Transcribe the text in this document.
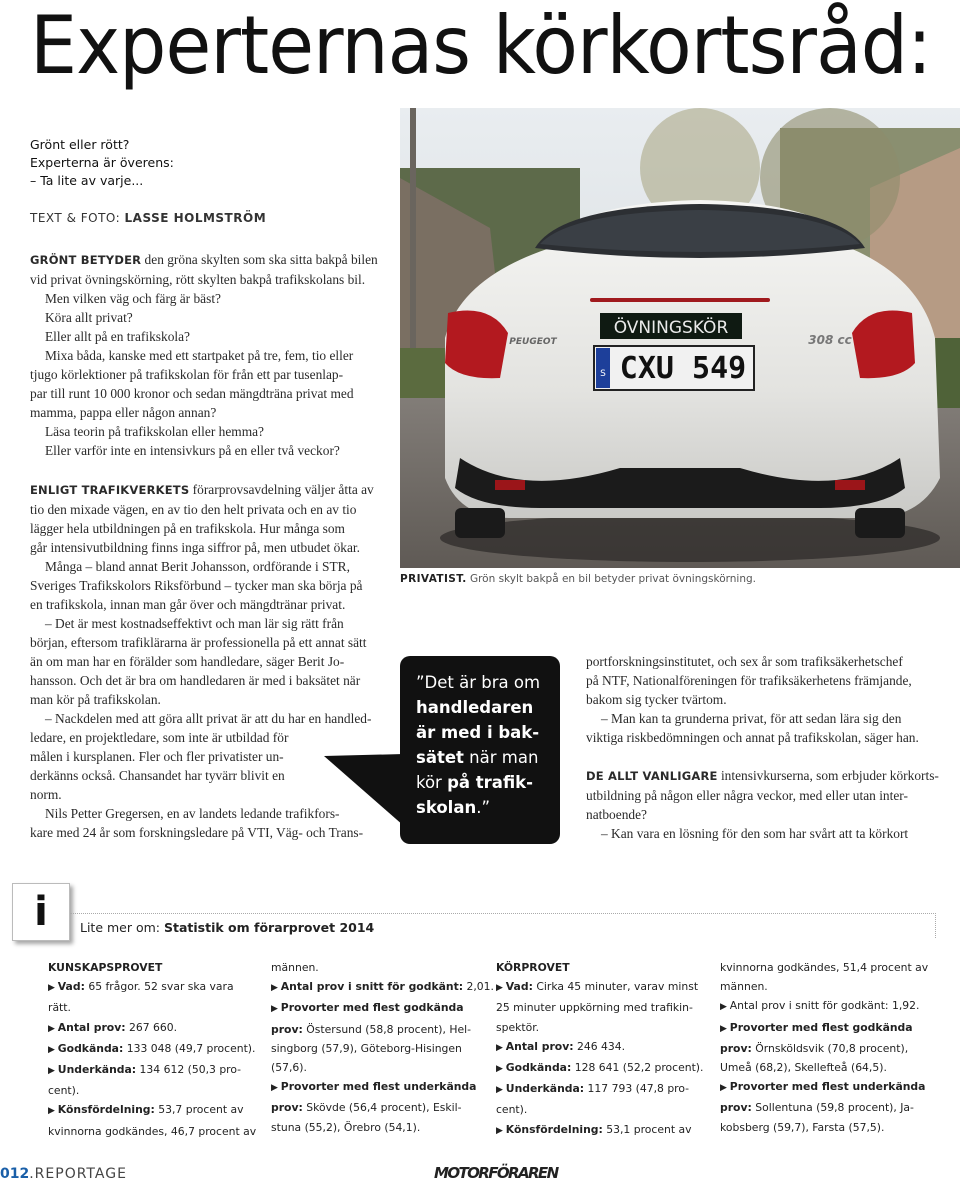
Experternas körkortsråd:
Grönt eller rött?
Experterna är överens:
– Ta lite av varje...
TEXT & FOTO: LASSE HOLMSTRÖM

GRÖNT BETYDER den gröna skylten som ska sitta bakpå bilen

vid privat övningskörning, rött skylten bakpå trafikskolans bil.

Men vilken väg och färg är bäst?

Köra allt privat?

Eller allt på en trafikskola?

Mixa båda, kanske med ett startpaket på tre, fem, tio eller

tjugo körlektioner på trafikskolan för från ett par tusenlap-

par till runt 10 000 kronor och sedan mängdträna privat med

mamma, pappa eller någon annan?

Läsa teorin på trafikskolan eller hemma?

Eller varför inte en intensivkurs på en eller två veckor?

ENLIGT TRAFIKVERKETS förarprovsavdelning väljer åtta av

tio den mixade vägen, en av tio den helt privata och en av tio

lägger hela utbildningen på en trafikskola. Hur många som

går intensivutbildning finns inga siffror på, men utbudet ökar.

Många – bland annat Berit Johansson, ordförande i STR,

Sveriges Trafikskolors Riksförbund – tycker man ska börja på

en trafikskola, innan man går över och mängdtränar privat.

– Det är mest kostnadseffektivt och man lär sig rätt från

början, eftersom trafiklärarna är professionella på ett annat sätt

än om man har en förälder som handledare, säger Berit Jo-

hansson. Och det är bra om handledaren är med i baksätet när

man kör på trafikskolan.

– Nackdelen med att göra allt privat är att du har en handled-

ledare, en projektledare, som inte är utbildad för

målen i kursplanen. Fler och fler privatister un-

derkänns också. Chansandet har tyvärr blivit en

norm.

Nils Petter Gregersen, en av landets ledande trafikfors-

kare med 24 år som forskningsledare på VTI, Väg- och Trans-

ÖVNINGSKÖR
S CXU 549
PEUGEOT	308 cc
PRIVATIST. Grön skylt bakpå en bil betyder privat övningskörning.
”Det är bra om
handledaren
är med i bak-
sätet när man
kör på trafik-
skolan.”

portforskningsinstitutet, och sex år som trafiksäkerhetschef

på NTF, Nationalföreningen för trafiksäkerhetens främjande,

bakom sig tycker tvärtom.

– Man kan ta grunderna privat, för att sedan lära sig den

viktiga riskbedömningen och annat på trafikskolan, säger han.

DE ALLT VANLIGARE intensivkurserna, som erbjuder körkorts-

utbildning på någon eller några veckor, med eller utan inter-

natboende?

– Kan vara en lösning för den som har svårt att ta körkort

i	Lite mer om: Statistik om förarprovet 2014

KUNSKAPSPROVET

▶ Vad: 65 frågor. 52 svar ska vara

rätt.

▶ Antal prov: 267 660.

▶ Godkända: 133 048 (49,7 procent).

▶ Underkända: 134 612 (50,3 pro-

cent).

▶ Könsfördelning: 53,7 procent av

kvinnorna godkändes, 46,7 procent av

männen.

▶ Antal prov i snitt för godkänt: 2,01.

▶ Provorter med flest godkända

prov: Östersund (58,8 procent), Hel-

singborg (57,9), Göteborg-Hisingen

(57,6).

▶ Provorter med flest underkända

prov: Skövde (56,4 procent), Eskil-

stuna (55,2), Örebro (54,1).

KÖRPROVET

▶ Vad: Cirka 45 minuter, varav minst

25 minuter uppkörning med trafikin-

spektör.

▶ Antal prov: 246 434.

▶ Godkända: 128 641 (52,2 procent).

▶ Underkända: 117 793 (47,8 pro-

cent).

▶ Könsfördelning: 53,1 procent av

kvinnorna godkändes, 51,4 procent av

männen.

▶ Antal prov i snitt för godkänt: 1,92.

▶ Provorter med flest godkända

prov: Örnsköldsvik (70,8 procent),

Umeå (68,2), Skellefteå (64,5).

▶ Provorter med flest underkända

prov: Sollentuna (59,8 procent), Ja-

kobsberg (59,7), Farsta (57,5).

012.REPORTAGE	MOTORFÖRAREN
